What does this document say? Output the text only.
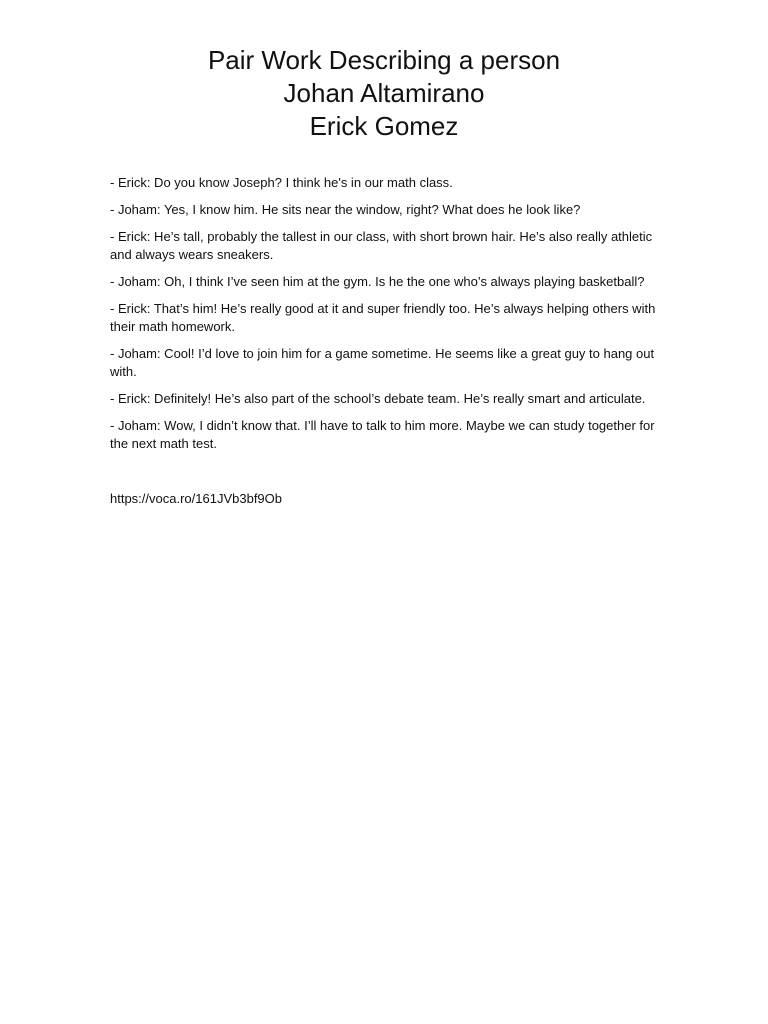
Pair Work Describing a person
Johan Altamirano
Erick Gomez

- Erick: Do you know Joseph? I think he's in our math class.

- Joham: Yes, I know him. He sits near the window, right? What does he look like?

- Erick: He’s tall, probably the tallest in our class, with short brown hair. He’s also really athletic and always wears sneakers.

- Joham: Oh, I think I’ve seen him at the gym. Is he the one who’s always playing basketball?

- Erick: That’s him! He’s really good at it and super friendly too. He’s always helping others with their math homework.

- Joham: Cool! I’d love to join him for a game sometime. He seems like a great guy to hang out with.

- Erick: Definitely! He’s also part of the school’s debate team. He’s really smart and articulate.

- Joham: Wow, I didn’t know that. I’ll have to talk to him more. Maybe we can study together for the next math test.

https://voca.ro/161JVb3bf9Ob
